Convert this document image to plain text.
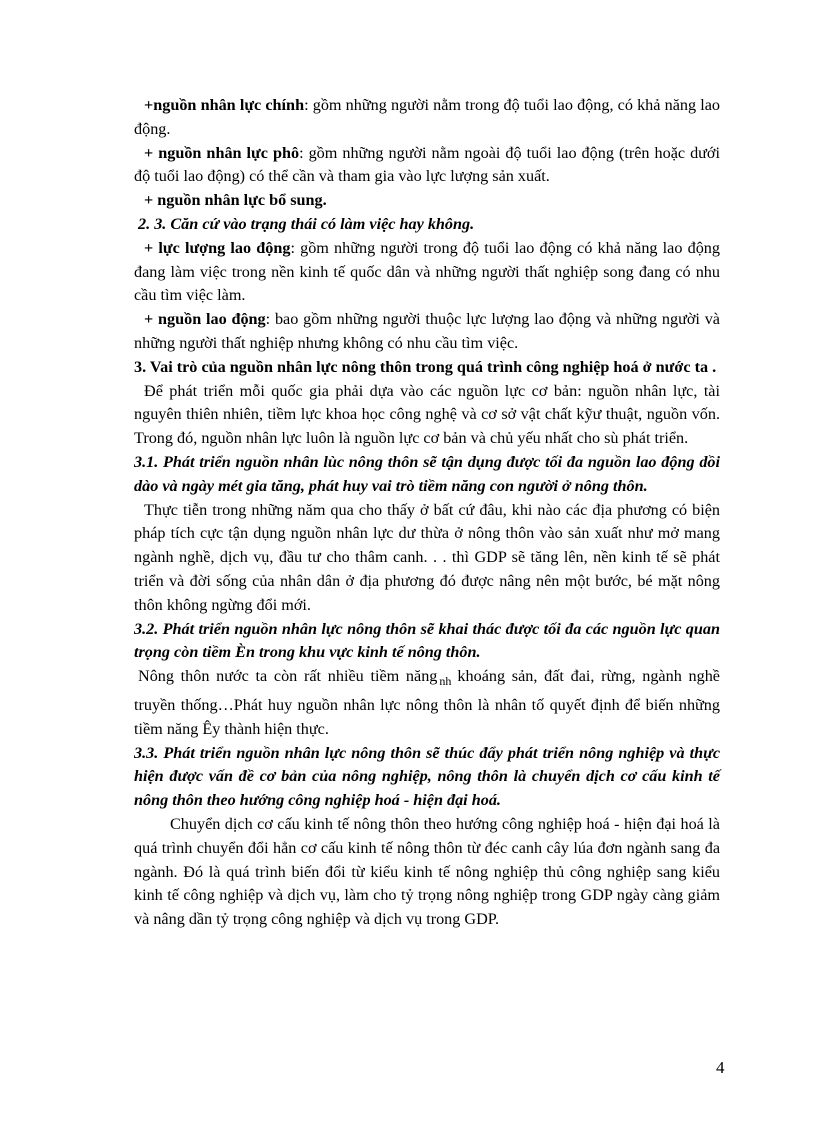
+nguồn nhân lực chính: gồm những người nằm trong độ tuổi lao động, có khả năng lao động.

+ nguồn nhân lực phô: gồm những người nằm ngoài độ tuổi lao động (trên hoặc dưới độ tuổi lao động) có thể cần và tham gia vào lực lượng sản xuất.

+ nguồn nhân lực bổ sung.

2. 3. Căn cứ vào trạng thái có làm việc hay không.

+ lực lượng lao động: gồm những người trong độ tuổi lao động có khả năng lao động đang làm việc trong nền kinh tế quốc dân và những người thất nghiệp song đang có nhu cầu tìm việc làm.

+ nguồn lao động: bao gồm những người thuộc lực lượng lao động và những người và những người thất nghiệp nhưng không có nhu cầu tìm việc.

3. Vai trò của nguồn nhân lực nông thôn trong quá trình công nghiệp hoá ở nước ta .

Để phát triển mỗi quốc gia phải dựa vào các nguồn lực cơ bản: nguồn nhân lực, tài nguyên thiên nhiên, tiềm lực khoa học công nghệ và cơ sở vật chất kỹư thuật, nguồn vốn. Trong đó, nguồn nhân lực luôn là nguồn lực cơ bản và chủ yếu nhất cho sù phát triển.

3.1. Phát triển nguồn nhân lùc nông thôn sẽ tận dụng được tối đa nguồn lao động dồi dào và ngày mét gia tăng, phát huy vai trò tiềm năng con người ở nông thôn.

Thực tiễn trong những năm qua cho thấy ở bất cứ đâu, khi nào các địa phương có biện pháp tích cực tận dụng nguồn nhân lực dư thừa ở nông thôn vào sản xuất như mở mang ngành nghề, dịch vụ, đầu tư cho thâm canh. . . thì GDP sẽ tăng lên, nền kinh tế sẽ phát triển và đời sống của nhân dân ở địa phương đó được nâng nên một bước, bé mặt nông thôn không ngừng đổi mới.

3.2. Phát triển nguồn nhân lực nông thôn sẽ khai thác được tối đa các nguồn lực quan trọng còn tiềm Èn trong khu vực kinh tế nông thôn.

Nông thôn nước ta còn rất nhiều tiềm năng $_{nh}$ khoáng sản, đất đai, rừng, ngành nghề truyền thống…Phát huy nguồn nhân lực nông thôn là nhân tố quyết định để biến những tiềm năng Êy thành hiện thực.

3.3. Phát triển nguồn nhân lực nông thôn sẽ thúc đẩy phát triển nông nghiệp và thực hiện được vấn đề cơ bản của nông nghiệp, nông thôn là chuyển dịch cơ cấu kinh tế nông thôn theo hướng công nghiệp hoá - hiện đại hoá.

Chuyển dịch cơ cấu kinh tế nông thôn theo hướng công nghiệp hoá - hiện đại hoá là quá trình chuyển đổi hẳn cơ cấu kinh tế nông thôn từ đéc canh cây lúa đơn ngành sang đa ngành. Đó là quá trình biến đổi từ kiểu kinh tế nông nghiệp thủ công nghiệp sang kiểu kinh tế công nghiệp và dịch vụ, làm cho tỷ trọng nông nghiệp trong GDP ngày càng giảm và nâng dần tỷ trọng công nghiệp và dịch vụ trong GDP.

4
